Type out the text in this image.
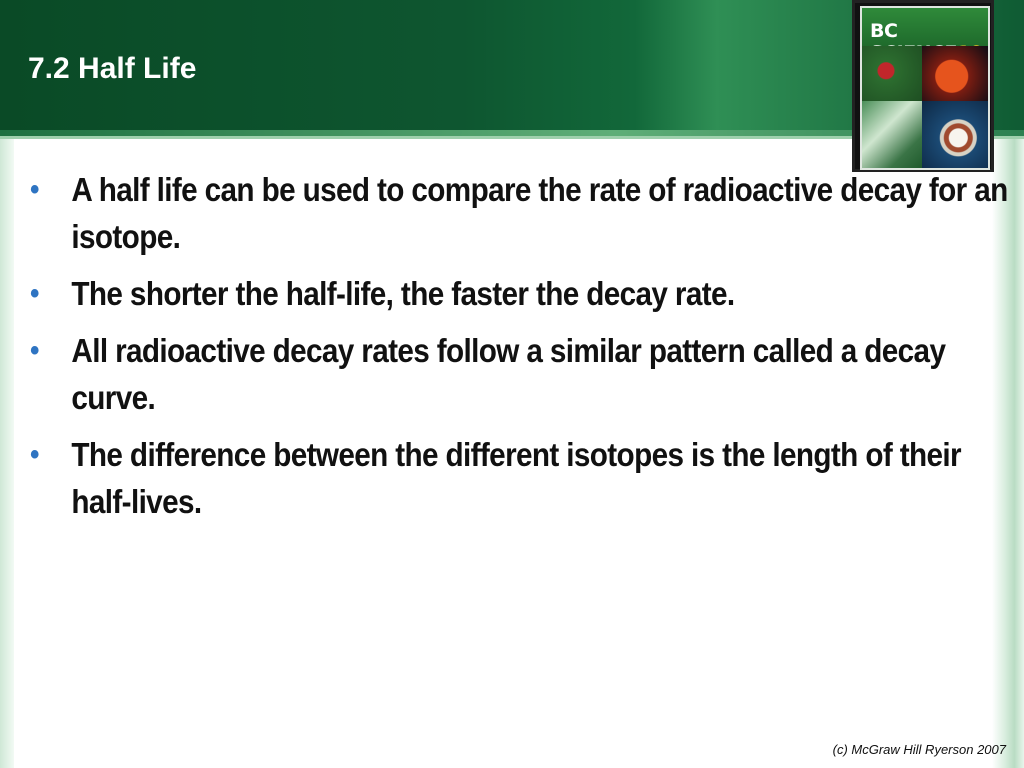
7.2 Half Life
BC
• A half life can be used to compare the rate of radioactive decay for an isotope.
• The shorter the half-life, the faster the decay rate.
• All radioactive decay rates follow a similar pattern called a decay curve.
• The difference between the different isotopes is the length of their half-lives.
(c) McGraw Hill Ryerson 2007
